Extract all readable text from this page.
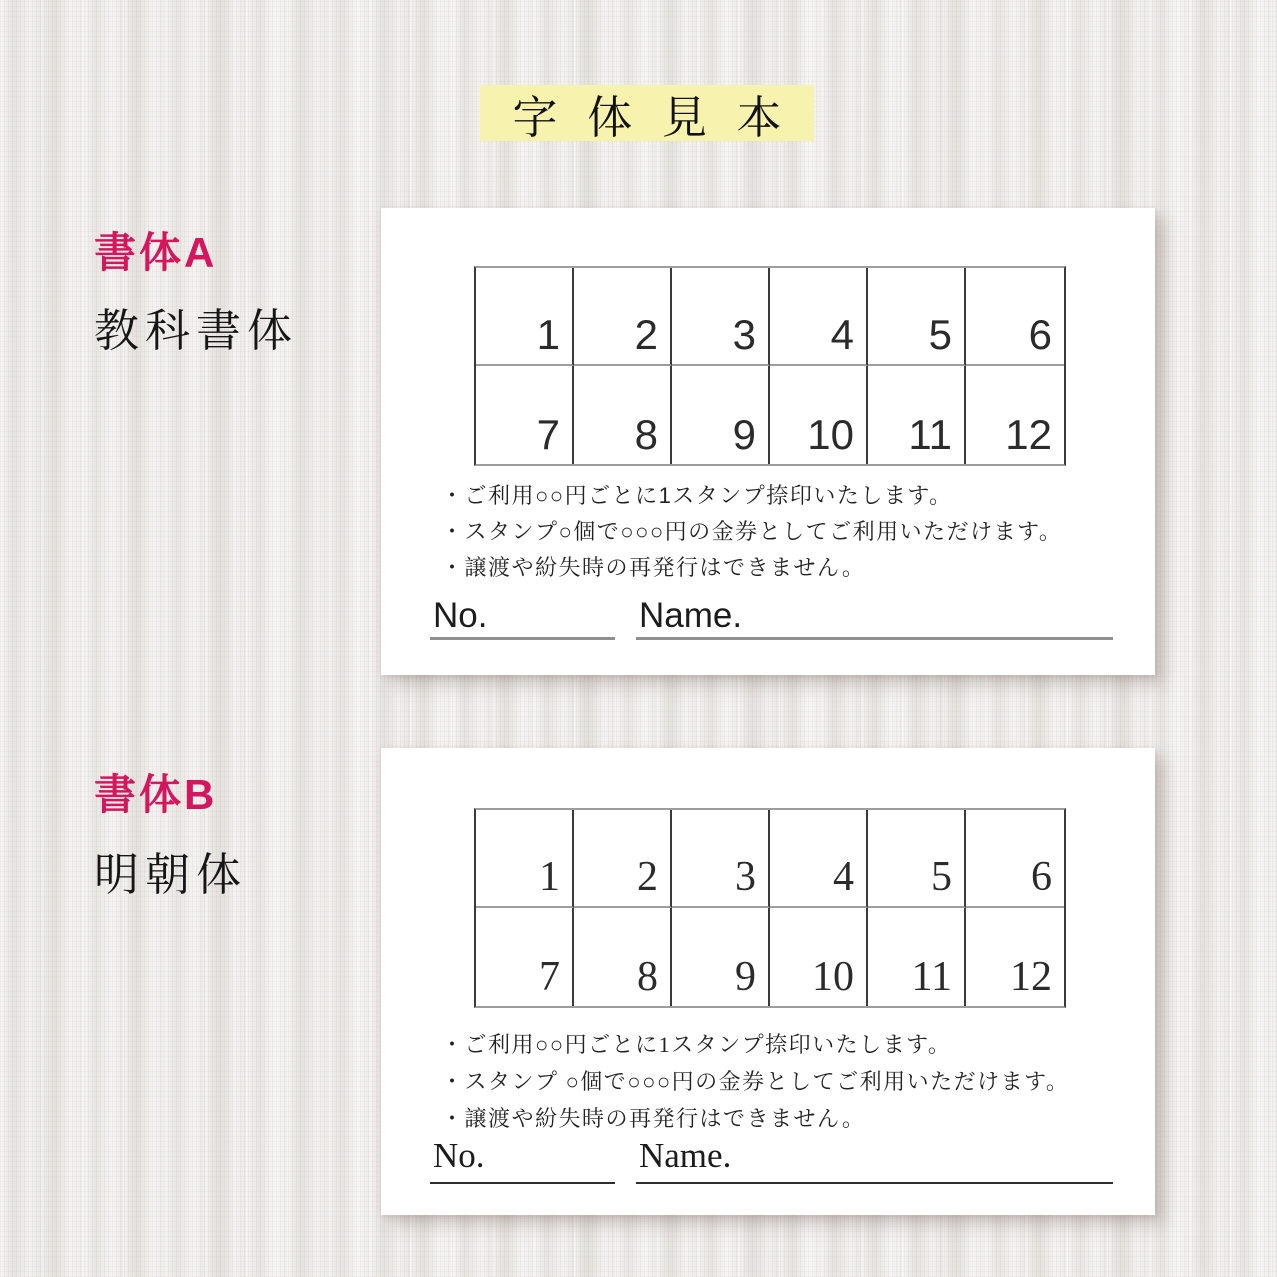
字体見本
書体A
教科書体	1 2 3 4 5 6
7 8 9 10 11 12
・ご利用○○円ごとに1スタンプ捺印いたします。
・スタンプ○個で○○○円の金券としてご利用いただけます。
・譲渡や紛失時の再発行はできません。
No.	Name.
書体B
明朝体	1 2 3 4 5 6
7 8 9 10 11 12
・ご利用○○円ごとに1スタンプ捺印いたします。
・スタンプ ○個で○○○円の金券としてご利用いただけます。
・譲渡や紛失時の再発行はできません。
No.	Name.
